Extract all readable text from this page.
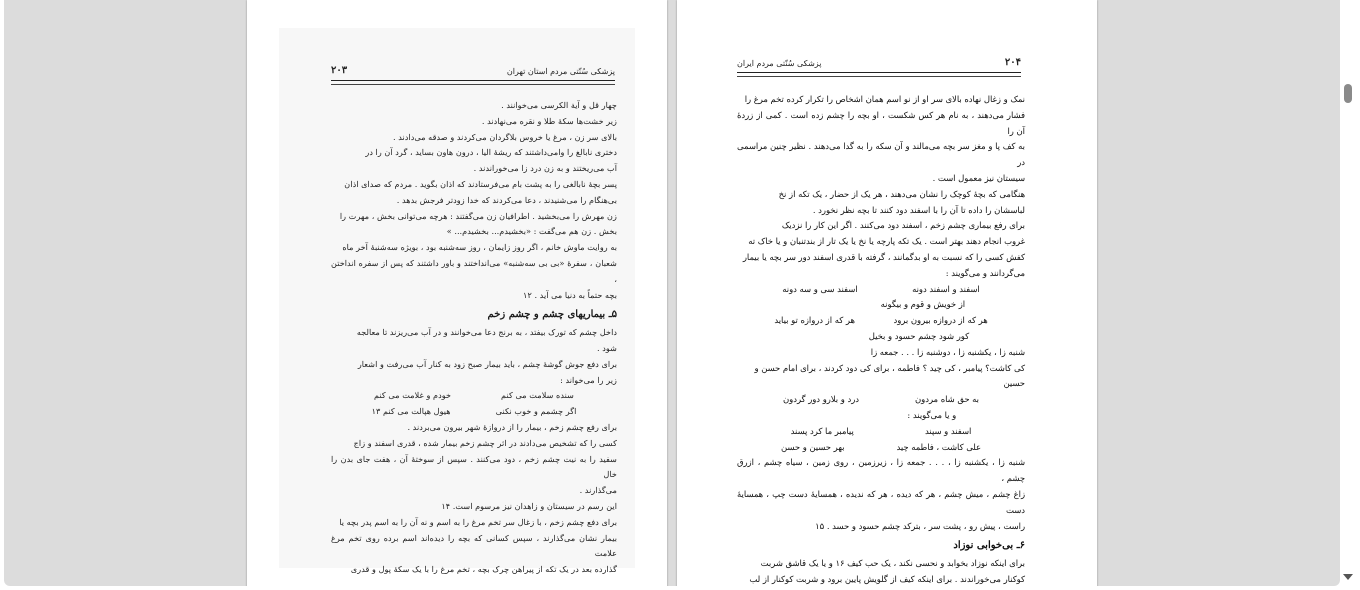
پزشکی سُنّتی مردم استان تهران
۲۰۳

چهار قل و آیة الکرسی می‌خوانند .

زیر خشت‌ها سکهٔ طلا و نقره می‌نهادند .

بالای سر زن ، مرغ یا خروس بلاگردان می‌کردند و صدقه می‌دادند .

دختری نابالغ را وامی‌داشتند که ریشهٔ الیا ، درون هاون بساید ، گرد آن را در

آب می‌ریختند و به زن درد زا می‌خوراندند .

پسر بچهٔ نابالغی را به پشت بام می‌فرستادند که اذان بگوید . مردم که صدای اذان

بی‌هنگام را می‌شنیدند ، دعا می‌کردند که خدا زودتر فرجش بدهد .

زن مهرش را می‌بخشید . اطرافیان زن می‌گفتند : هرچه می‌توانی بخش ، مهرت را

بخش . زن هم می‌گفت : «بخشیدم... بخشیدم... »

به روایت ماوش خانم ، اگر روز زایمان ، روز سه‌شنبه بود ، بویژه سه‌شنبهٔ آخر ماه

شعبان ، سفرهٔ «بی بی سه‌شنبه» می‌انداختند و باور داشتند که پس از سفره انداختن ،

بچه حتماً به دنیا می آید . ۱۲

۵ـ بیماریهای چشم و چشم زخم

داخل چشم که تورک بیفتد ، به برنج دعا می‌خوانند و در آب می‌ریزند تا معالجه

شود .

برای دفع جوش گوشهٔ چشم ، باید بیمار صبح زود به کنار آب می‌رفت و اشعار

زیر را می‌خواند :

سنده سلامت می کنم
خودم و غلامت می کنم
اگر چشمم و خوب نکنی
هیول هپالت می کنم ۱۳

برای رفع چشم زخم ، بیمار را از دروازهٔ شهر بیرون می‌بردند .

کسی را که تشخیص می‌دادند در اثر چشم زخم بیمار شده ، قدری اسفند و زاج

سفید را به نیت چشم زخم ، دود می‌کنند . سپس از سوختهٔ آن ، هفت جای بدن را خال

می‌گذارند .

این رسم در سیستان و زاهدان نیز مرسوم است. ۱۴

برای دفع چشم زخم ، با زغال سر تخم مرغ را به اسم و نه آن را به اسم پدر بچه یا

بیمار نشان می‌گذارند ، سپس کسانی که بچه را دیده‌اند اسم برده روی تخم مرغ علامت

گذارده بعد در یک تکه از پیراهن چرک بچه ، تخم مرغ را با یک سکهٔ پول و قدری

پزشکی سُنّتی مردم ایران	۲۰۴

نمک و زغال نهاده بالای سر او از نو اسم همان اشخاص را تکرار کرده تخم مرغ را

فشار می‌دهند ، به نام هر کس شکست ، او بچه را چشم زده است . کمی از زردهٔ آن را

به کف پا و مغز سر بچه می‌مالند و آن سکه را به گدا می‌دهند . نظیر چنین مراسمی در

سیستان نیز معمول است .

هنگامی که بچهٔ کوچک را نشان می‌دهند ، هر یک از حضار ، یک تکه از نخ

لباسشان را داده تا آن را با اسفند دود کنند تا بچه نظر نخورد .

برای رفع بیماری چشم زخم ، اسفند دود می‌کنند . اگر این کار را نزدیک

غروب انجام دهند بهتر است . یک تکه پارچه یا نخ یا یک تار از بندتنبان و یا خاک ته

کفش کسی را که نسبت به او بدگمانند ، گرفته با قدری اسفند دور سر بچه یا بیمار

می‌گردانند و می‌گویند :

اسفند و اسفند دونه
اسفند سی و سه دونه
از خویش و قوم و بیگونه
هر که از دروازه بیرون برود
هر که از دروازه تو بیاید
کور شود چشم حسود و بخیل

شنبه زا ، یکشنبه زا ، دوشنبه زا . . . جمعه زا

کی کاشت؟ پیامبر ، کی چید ؟ فاطمه ، برای کی دود کردند ، برای امام حسن و

حسین

به حق شاه مردون
درد و بلارو دور گردون
و یا می‌گویند :
اسفند و سپند
پیامبر ما کرد پسند
علی کاشت ، فاطمه چید
بهر حسین و حسن

شنبه زا ، یکشنبه زا ، . . . جمعه زا ، زیرزمین ، روی زمین ، سیاه چشم ، ازرق چشم ،

زاغ چشم ، میش چشم ، هر که دیده ، هر که ندیده ، همسایهٔ دست چپ ، همسایهٔ دست

راست ، پیش رو ، پشت سر ، بترکد چشم حسود و حسد . ۱۵

۶ـ بی‌خوابی نوزاد

برای اینکه نوزاد بخوابد و نحسی نکند ، یک حب کیف ۱۶ و یا یک قاشق شربت

کوکنار می‌خوراندند . برای اینکه کیف از گلویش پایین برود و شربت کوکنار از لب
